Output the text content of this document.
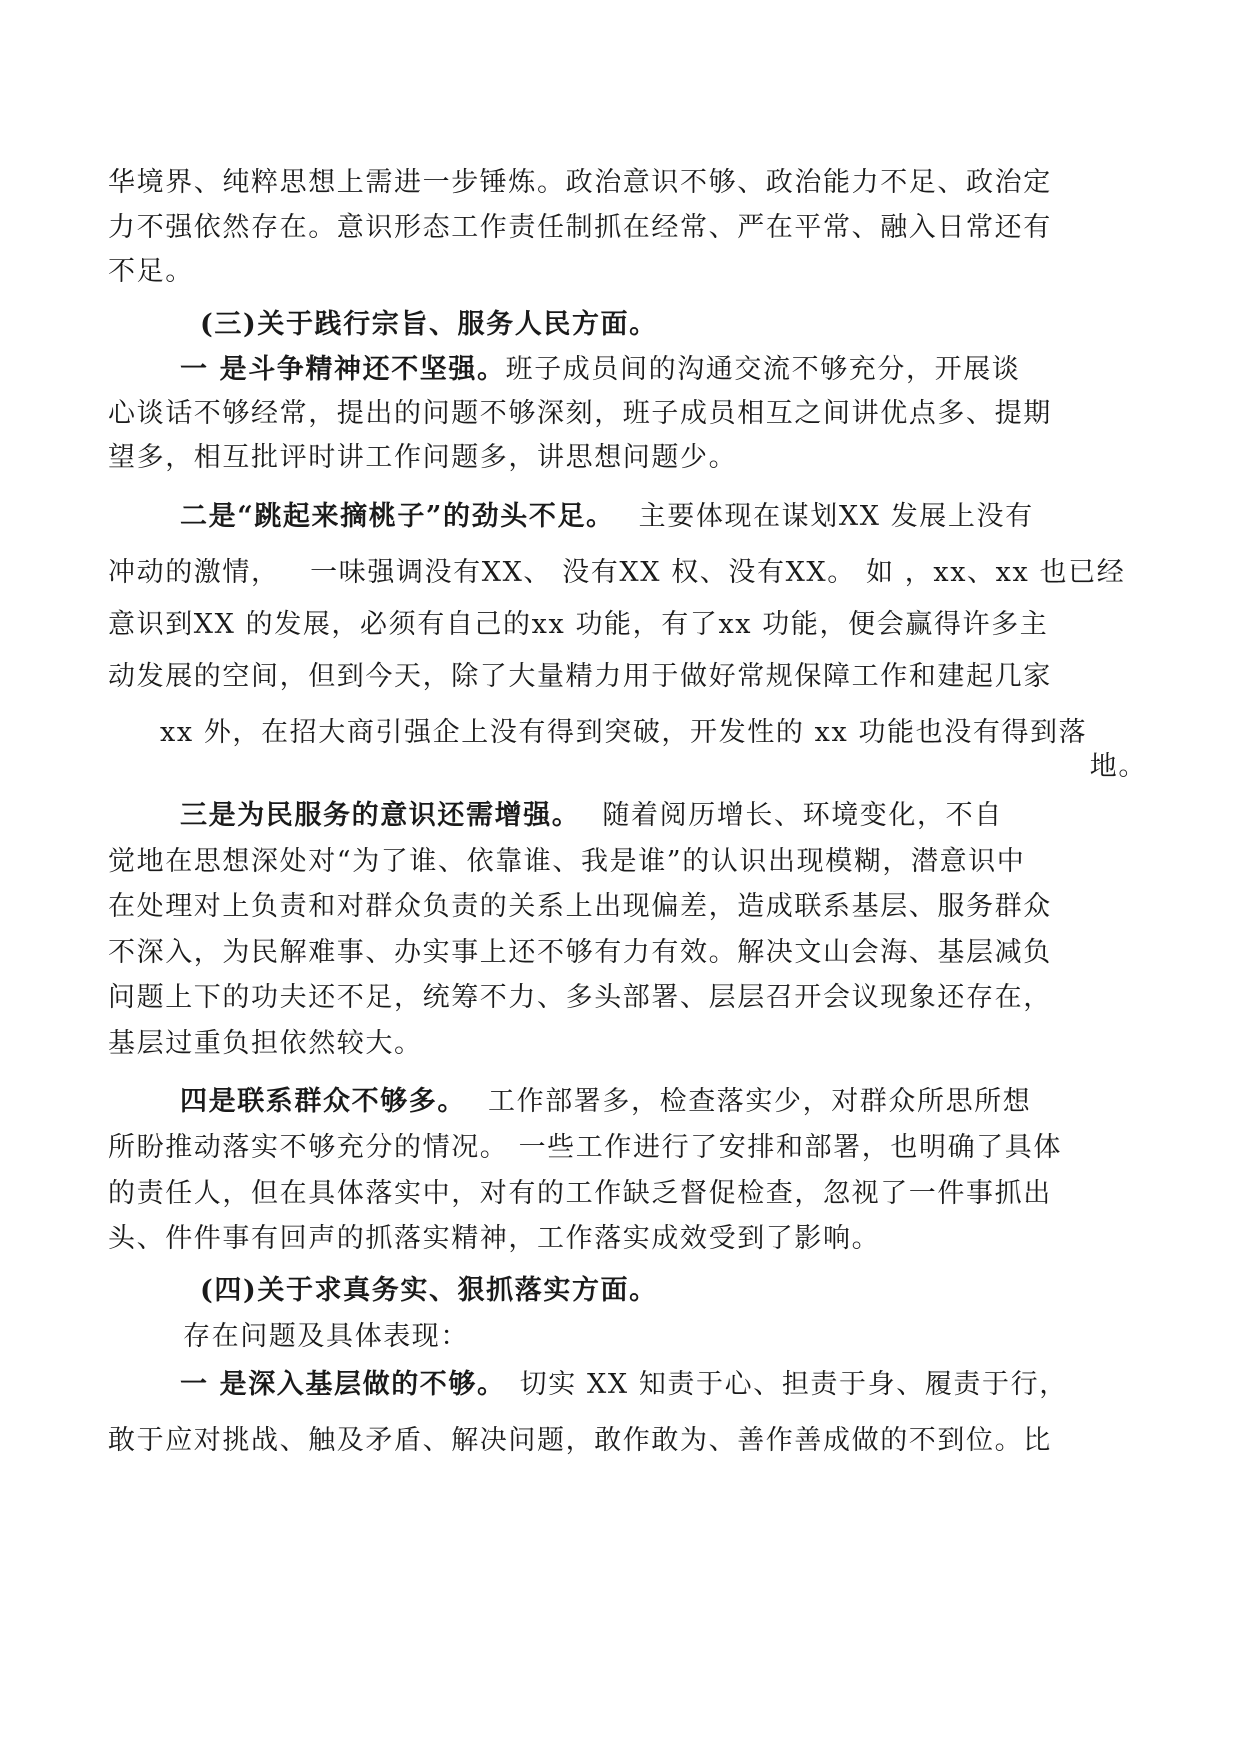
华境界、纯粹思想上需进一步锤炼。政治意识不够、政治能力不足、政治定
力不强依然存在。意识形态工作责任制抓在经常、严在平常、融入日常还有
不足。
(三)关于践行宗旨、服务人民方面。
一 是斗争精神还不坚强。班子成员间的沟通交流不够充分，开展谈
心谈话不够经常，提出的问题不够深刻，班子成员相互之间讲优点多、提期
望多，相互批评时讲工作问题多，讲思想问题少。
二是“跳起来摘桃子”的劲头不足。 主要体现在谋划XX 发展上没有
冲动的激情，   一味强调没有XX、 没有XX 权、没有XX。 如 ，xx、xx 也已经
意识到XX 的发展，必须有自己的xx 功能，有了xx 功能，便会赢得许多主
动发展的空间，但到今天，除了大量精力用于做好常规保障工作和建起几家
xx 外，在招大商引强企上没有得到突破，开发性的 xx 功能也没有得到落
地。
三是为民服务的意识还需增强。 随着阅历增长、环境变化，不自
觉地在思想深处对“为了谁、依靠谁、我是谁”的认识出现模糊，潜意识中
在处理对上负责和对群众负责的关系上出现偏差，造成联系基层、服务群众
不深入，为民解难事、办实事上还不够有力有效。解决文山会海、基层减负
问题上下的功夫还不足，统筹不力、多头部署、层层召开会议现象还存在，
基层过重负担依然较大。
四是联系群众不够多。 工作部署多，检查落实少，对群众所思所想
所盼推动落实不够充分的情况。 一些工作进行了安排和部署，也明确了具体
的责任人，但在具体落实中，对有的工作缺乏督促检查，忽视了一件事抓出
头、件件事有回声的抓落实精神，工作落实成效受到了影响。
(四)关于求真务实、狠抓落实方面。
存在问题及具体表现：
一 是深入基层做的不够。 切实 XX 知责于心、担责于身、履责于行，
敢于应对挑战、触及矛盾、解决问题，敢作敢为、善作善成做的不到位。比
